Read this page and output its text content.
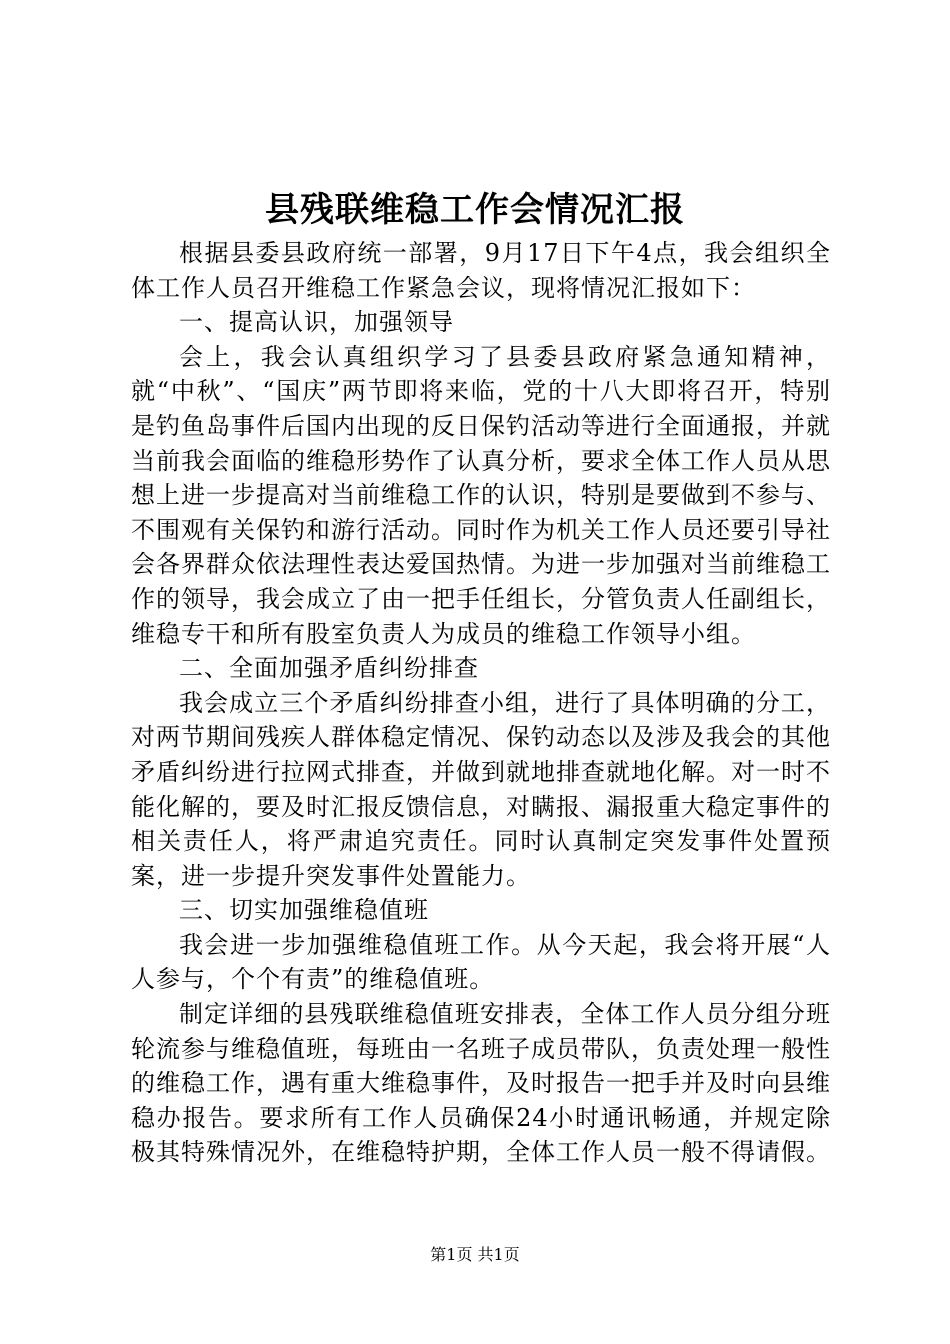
县残联维稳工作会情况汇报

根据县委县政府统一部署，9月17日下午4点，我会组织全体工作人员召开维稳工作紧急会议，现将情况汇报如下：

一、提高认识，加强领导

会上，我会认真组织学习了县委县政府紧急通知精神，就“中秋”、“国庆”两节即将来临，党的十八大即将召开，特别是钓鱼岛事件后国内出现的反日保钓活动等进行全面通报，并就当前我会面临的维稳形势作了认真分析，要求全体工作人员从思想上进一步提高对当前维稳工作的认识，特别是要做到不参与、不围观有关保钓和游行活动。同时作为机关工作人员还要引导社会各界群众依法理性表达爱国热情。为进一步加强对当前维稳工作的领导，我会成立了由一把手任组长，分管负责人任副组长，维稳专干和所有股室负责人为成员的维稳工作领导小组。

二、全面加强矛盾纠纷排查

我会成立三个矛盾纠纷排查小组，进行了具体明确的分工，对两节期间残疾人群体稳定情况、保钓动态以及涉及我会的其他矛盾纠纷进行拉网式排查，并做到就地排查就地化解。对一时不能化解的，要及时汇报反馈信息，对瞒报、漏报重大稳定事件的相关责任人，将严肃追究责任。同时认真制定突发事件处置预案，进一步提升突发事件处置能力。

三、切实加强维稳值班

我会进一步加强维稳值班工作。从今天起，我会将开展“人人参与，个个有责”的维稳值班。

制定详细的县残联维稳值班安排表，全体工作人员分组分班轮流参与维稳值班，每班由一名班子成员带队，负责处理一般性的维稳工作，遇有重大维稳事件，及时报告一把手并及时向县维稳办报告。要求所有工作人员确保24小时通讯畅通，并规定除极其特殊情况外，在维稳特护期，全体工作人员一般不得请假。

第1页 共1页
